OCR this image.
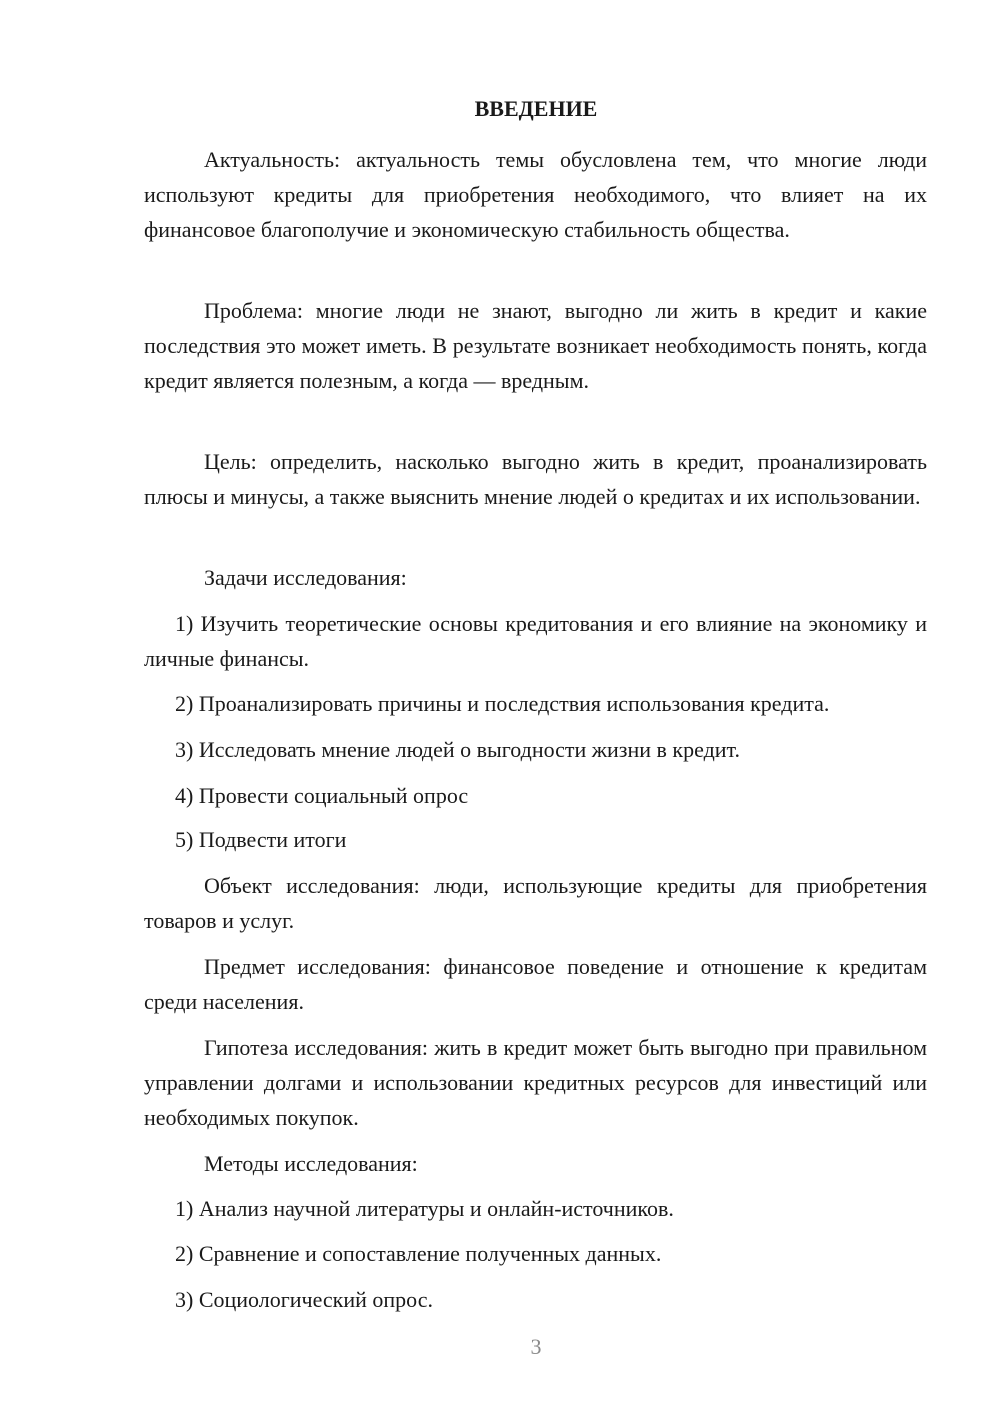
ВВЕДЕНИЕ

Актуальность: актуальность темы обусловлена тем, что многие люди используют кредиты для приобретения необходимого, что влияет на их финансовое благополучие и экономическую стабильность общества.

Проблема: многие люди не знают, выгодно ли жить в кредит и какие последствия это может иметь. В результате возникает необходимость понять, когда кредит является полезным, а когда — вредным.

Цель: определить, насколько выгодно жить в кредит, проанализировать плюсы и минусы, а также выяснить мнение людей о кредитах и их использовании.

Задачи исследования:

1) Изучить теоретические основы кредитования и его влияние на экономику и личные финансы.

2) Проанализировать причины и последствия использования кредита.

3) Исследовать мнение людей о выгодности жизни в кредит.

4) Провести социальный опрос

5) Подвести итоги

Объект исследования: люди, использующие кредиты для приобретения товаров и услуг.

Предмет исследования: финансовое поведение и отношение к кредитам среди населения.

Гипотеза исследования: жить в кредит может быть выгодно при правильном управлении долгами и использовании кредитных ресурсов для инвестиций или необходимых покупок.

Методы исследования:

1) Анализ научной литературы и онлайн-источников.

2) Сравнение и сопоставление полученных данных.

3) Социологический опрос.

3
